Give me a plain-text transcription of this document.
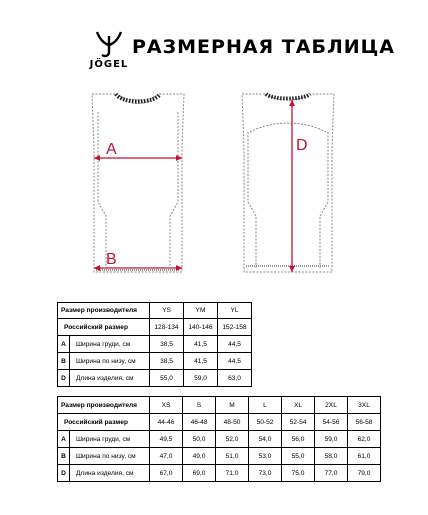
JÖGEL
РАЗМЕРНАЯ ТАБЛИЦА
A
B
D
Размер производителя		YS	YM	YL
Российский размер		128-134	140-146	152-158
A	Ширина груди, см	38,5	41,5	44,5
B	Ширина по низу, см	38,5	41,5	44,5
D	Длина изделия, см	55,0	59,0	63,0
Размер производителя		XS	S	M	L	XL	2XL	3XL
Российский размер		44-46	46-48	48-50	50-52	52-54	54-56	56-58
A	Ширина груди, см	49,5	50,0	52,0	54,0	56,0	59,0	62,0
B	Ширина по низу, см	47,0	49,0	51,0	53,0	55,0	58,0	61,0
D	Длина изделия, см	67,0	69,0	71,0	73,0	75,0	77,0	79,0
